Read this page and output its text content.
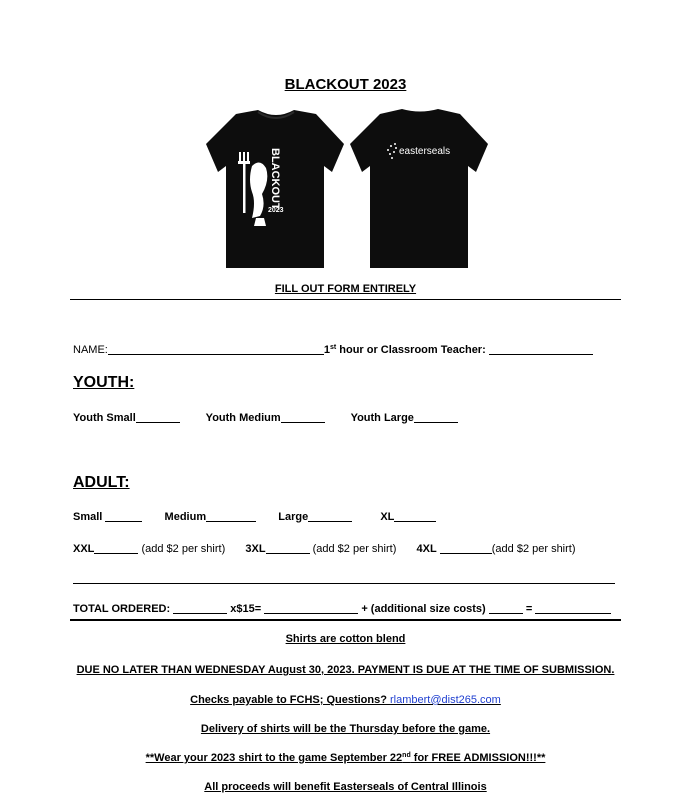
BLACKOUT 2023
BLACKOUT
2023
easterseals
FILL OUT FORM ENTIRELY
NAME:	1st hour or Classroom Teacher:
YOUTH:
Youth Small	Youth Medium	Youth Large
ADULT:
Small	Medium	Large	XL
XXL	(add $2 per shirt) 3XL	(add $2 per shirt) 4XL	(add $2 per shirt)
TOTAL ORDERED:	x$15=	+ (additional size costs)	=
Shirts are cotton blend
DUE NO LATER THAN WEDNESDAY August 30, 2023. PAYMENT IS DUE AT THE TIME OF SUBMISSION.
Checks payable to FCHS; Questions? rlambert@dist265.com
Delivery of shirts will be the Thursday before the game.
**Wear your 2023 shirt to the game September 22nd for FREE ADMISSION!!!**
All proceeds will benefit Easterseals of Central Illinois
